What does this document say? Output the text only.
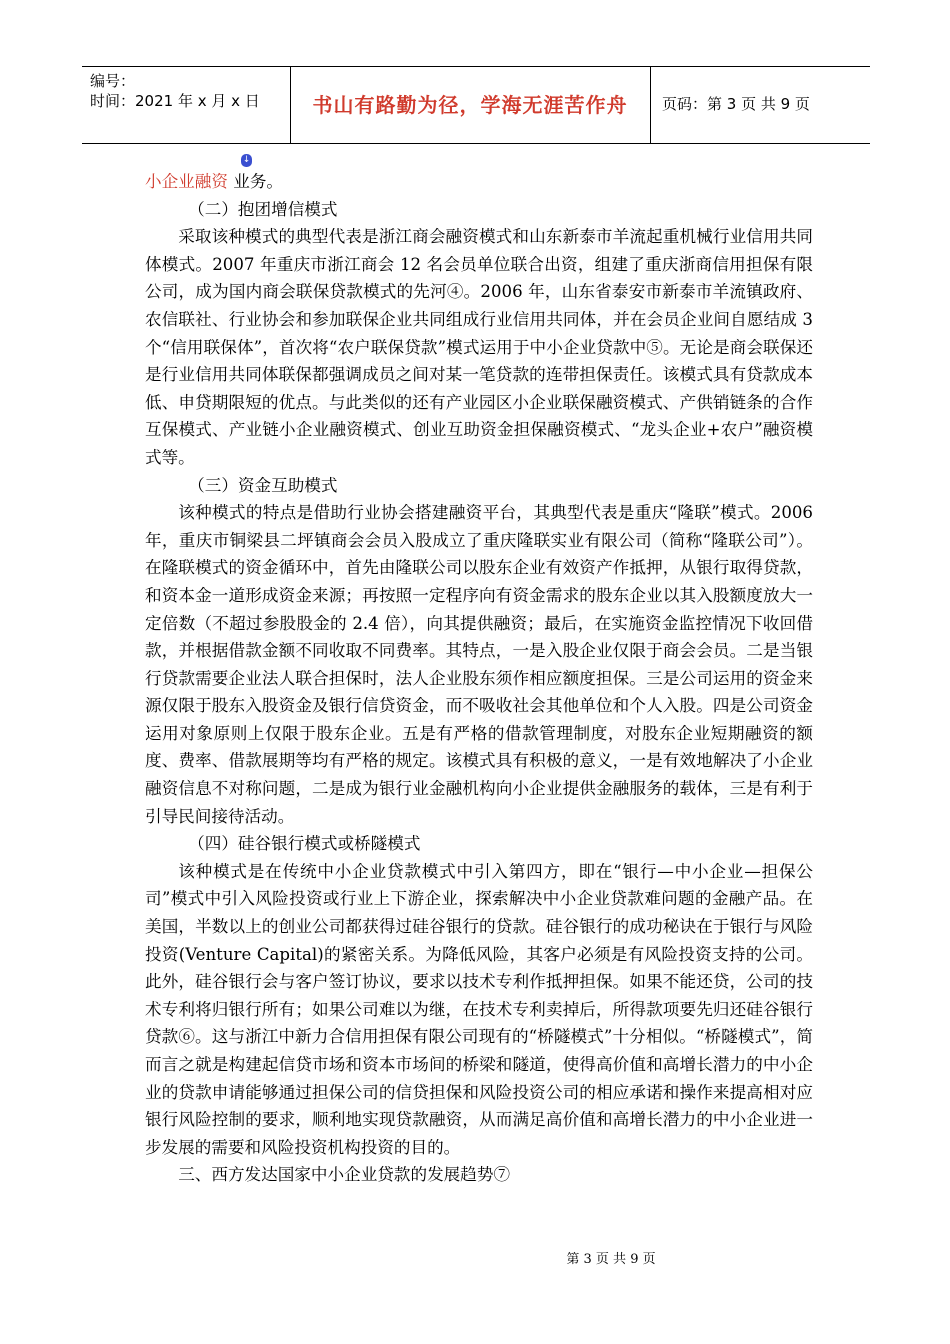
编号：
时间：2021 年 x 月 x 日	书山有路勤为径，学海无涯苦作舟	页码：第 3 页 共 9 页
↓
小企业融资 业务。

（二）抱团增信模式

采取该种模式的典型代表是浙江商会融资模式和山东新泰市羊流起重机械行业信用共同体模式。2007 年重庆市浙江商会 12 名会员单位联合出资，组建了重庆浙商信用担保有限公司，成为国内商会联保贷款模式的先河④。2006 年，山东省泰安市新泰市羊流镇政府、农信联社、行业协会和参加联保企业共同组成行业信用共同体，并在会员企业间自愿结成 3 个“信用联保体”，首次将“农户联保贷款”模式运用于中小企业贷款中⑤。无论是商会联保还是行业信用共同体联保都强调成员之间对某一笔贷款的连带担保责任。该模式具有贷款成本低、申贷期限短的优点。与此类似的还有产业园区小企业联保融资模式、产供销链条的合作互保模式、产业链小企业融资模式、创业互助资金担保融资模式、“龙头企业+农户”融资模式等。

（三）资金互助模式

该种模式的特点是借助行业协会搭建融资平台，其典型代表是重庆“隆联”模式。2006 年，重庆市铜梁县二坪镇商会会员入股成立了重庆隆联实业有限公司（简称“隆联公司”）。在隆联模式的资金循环中，首先由隆联公司以股东企业有效资产作抵押，从银行取得贷款，和资本金一道形成资金来源；再按照一定程序向有资金需求的股东企业以其入股额度放大一定倍数（不超过参股股金的 2.4 倍），向其提供融资；最后，在实施资金监控情况下收回借款，并根据借款金额不同收取不同费率。其特点，一是入股企业仅限于商会会员。二是当银行贷款需要企业法人联合担保时，法人企业股东须作相应额度担保。三是公司运用的资金来源仅限于股东入股资金及银行信贷资金，而不吸收社会其他单位和个人入股。四是公司资金运用对象原则上仅限于股东企业。五是有严格的借款管理制度，对股东企业短期融资的额度、费率、借款展期等均有严格的规定。该模式具有积极的意义，一是有效地解决了小企业融资信息不对称问题，二是成为银行业金融机构向小企业提供金融服务的载体，三是有利于引导民间接待活动。

（四）硅谷银行模式或桥隧模式

该种模式是在传统中小企业贷款模式中引入第四方，即在“银行—中小企业—担保公司”模式中引入风险投资或行业上下游企业，探索解决中小企业贷款难问题的金融产品。在美国，半数以上的创业公司都获得过硅谷银行的贷款。硅谷银行的成功秘诀在于银行与风险投资(Venture Capital)的紧密关系。为降低风险，其客户必须是有风险投资支持的公司。此外，硅谷银行会与客户签订协议，要求以技术专利作抵押担保。如果不能还贷，公司的技术专利将归银行所有；如果公司难以为继，在技术专利卖掉后，所得款项要先归还硅谷银行贷款⑥。这与浙江中新力合信用担保有限公司现有的“桥隧模式”十分相似。“桥隧模式”，简而言之就是构建起信贷市场和资本市场间的桥梁和隧道，使得高价值和高增长潜力的中小企业的贷款申请能够通过担保公司的信贷担保和风险投资公司的相应承诺和操作来提高相对应银行风险控制的要求，顺利地实现贷款融资，从而满足高价值和高增长潜力的中小企业进一步发展的需要和风险投资机构投资的目的。

三、西方发达国家中小企业贷款的发展趋势⑦

第 3 页 共 9 页
